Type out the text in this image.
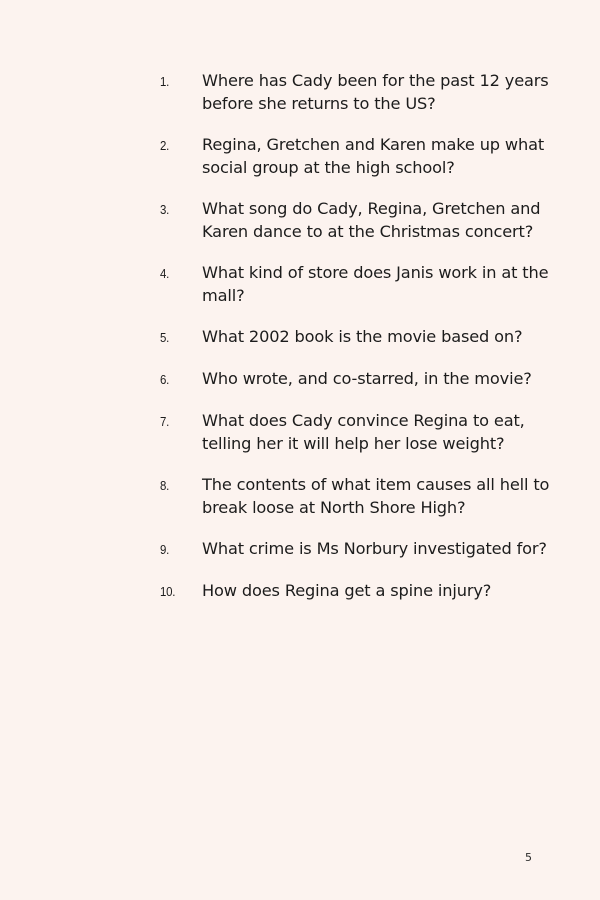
1.	Where has Cady been for the past 12 years before she returns to the US?
2.	Regina, Gretchen and Karen make up what social group at the high school?
3.	What song do Cady, Regina, Gretchen and Karen dance to at the Christmas concert?
4.	What kind of store does Janis work in at the mall?
5.	What 2002 book is the movie based on?
6.	Who wrote, and co-starred, in the movie?
7.	What does Cady convince Regina to eat, telling her it will help her lose weight?
8.	The contents of what item causes all hell to break loose at North Shore High?
9.	What crime is Ms Norbury investigated for?
10.	How does Regina get a spine injury?
5
